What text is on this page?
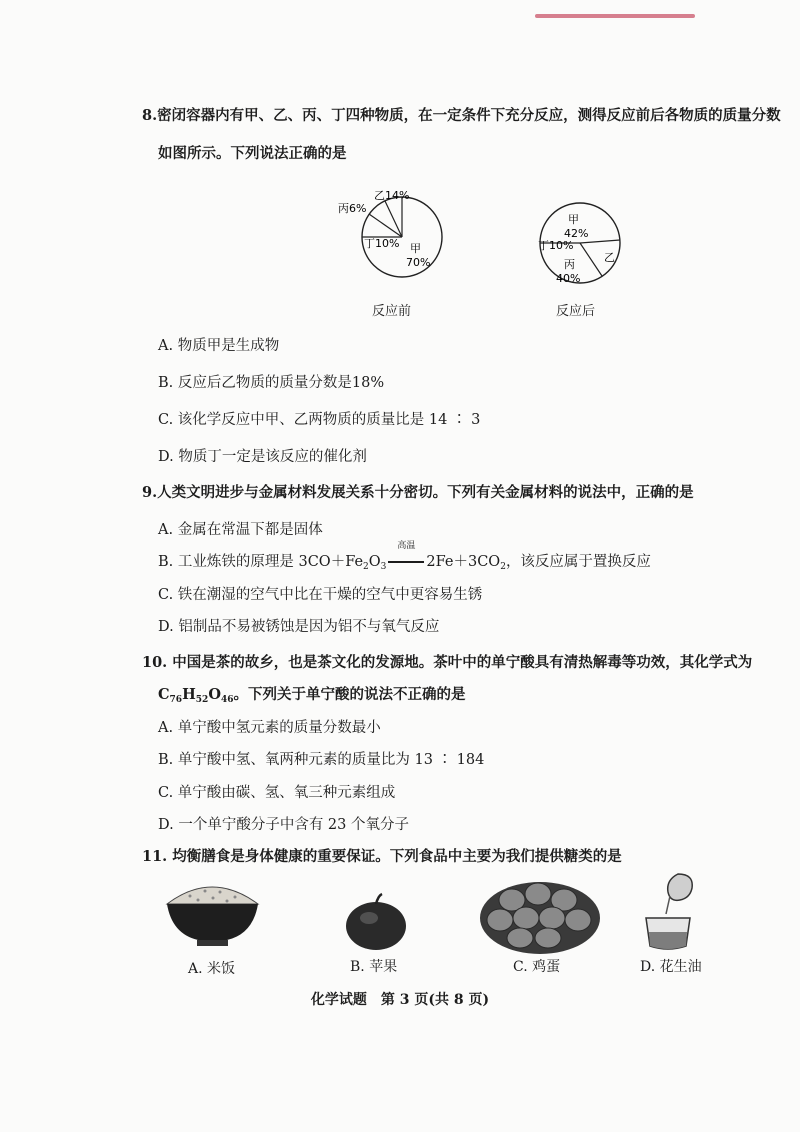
8.密闭容器内有甲、乙、丙、丁四种物质，在一定条件下充分反应，测得反应前后各物质的质量分数
如图所示。下列说法正确的是
丙6%
乙14%
丁10% 甲
70%
反应前
甲
42%
丁10%
丙
40%
乙
反应后
A. 物质甲是生成物
B. 反应后乙物质的质量分数是18%
C. 该化学反应中甲、乙两物质的质量比是 14 ∶ 3
D. 物质丁一定是该反应的催化剂
9.人类文明进步与金属材料发展关系十分密切。下列有关金属材料的说法中，正确的是
A. 金属在常温下都是固体
B. 工业炼铁的原理是 $3CO+Fe_2O_3$
高温
$2Fe+3CO_2$，该反应属于置换反应
C. 铁在潮湿的空气中比在干燥的空气中更容易生锈
D. 铝制品不易被锈蚀是因为铝不与氧气反应
10. 中国是茶的故乡，也是茶文化的发源地。茶叶中的单宁酸具有清热解毒等功效，其化学式为
$C_{76}H_{52}O_{46}$。下列关于单宁酸的说法不正确的是
A. 单宁酸中氢元素的质量分数最小
B. 单宁酸中氢、氧两种元素的质量比为 13 ∶ 184
C. 单宁酸由碳、氢、氧三种元素组成
D. 一个单宁酸分子中含有 23 个氧分子
11. 均衡膳食是身体健康的重要保证。下列食品中主要为我们提供糖类的是
A. 米饭	B. 苹果	C. 鸡蛋	D. 花生油
化学试题　第 3 页(共 8 页)
